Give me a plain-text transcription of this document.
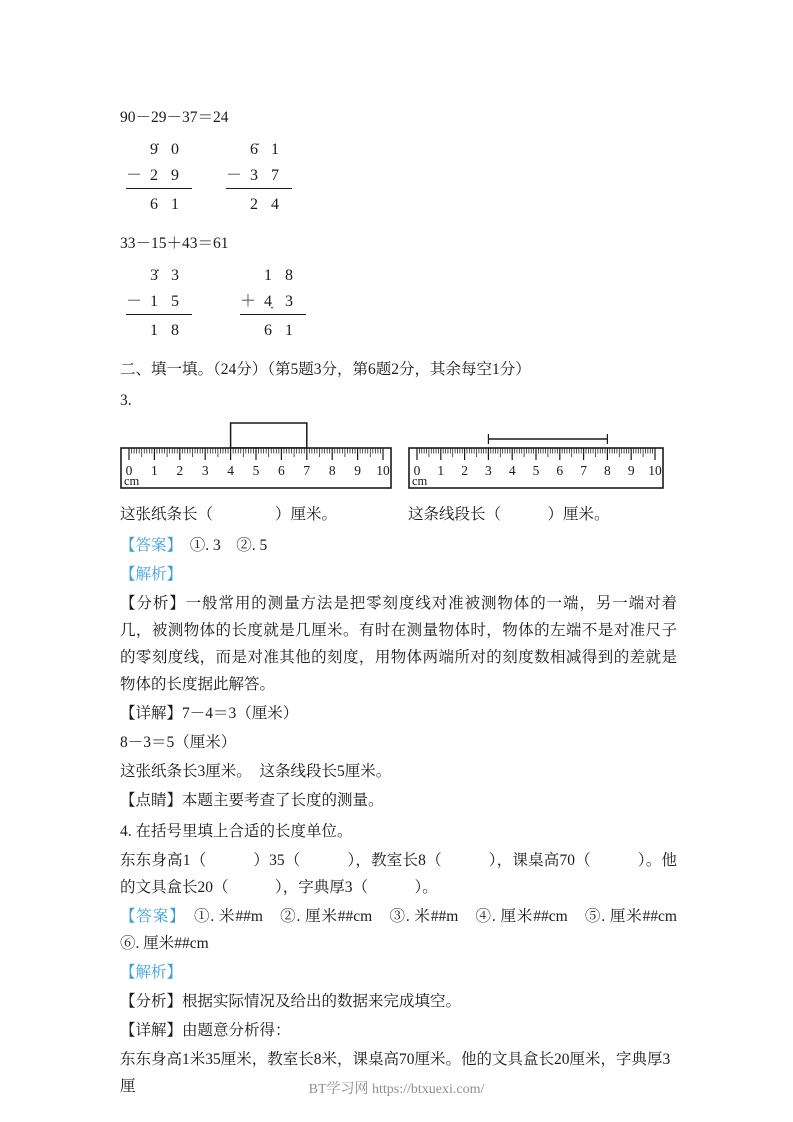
90－29－37＝24

9̇0
－ 29
61
6̇1
－ 37
24

33－15＋43＝61

3̇3
－ 15
18
18
＋ 4̣3
61

二、填一填。（24分）（第5题3分，第6题2分，其余每空1分）

3.

0 1 2 3 4 5 6 7 8 9 10
cm
0 1 2 3 4 5 6 7 8 9 10
cm
这张纸条长（　　　　）厘米。	这条线段长（　　　）厘米。

【答案】　①. 3　②. 5

【解析】

【分析】一般常用的测量方法是把零刻度线对准被测物体的一端，另一端对着几，被测物体的长度就是几厘米。有时在测量物体时，物体的左端不是对准尺子的零刻度线，而是对准其他的刻度，用物体两端所对的刻度数相减得到的差就是物体的长度据此解答。

【详解】7－4＝3（厘米）

8－3＝5（厘米）

这张纸条长3厘米。　这条线段长5厘米。

【点睛】本题主要考查了长度的测量。

4. 在括号里填上合适的长度单位。

东东身高1（　　　）35（　　　），教室长8（　　　），课桌高70（　　　）。他的文具盒长20（　　　），字典厚3（　　　）。

【答案】　①. 米##m　②. 厘米##cm　③. 米##m　④. 厘米##cm　⑤. 厘米##cm　⑥. 厘米##cm

【解析】

【分析】根据实际情况及给出的数据来完成填空。

【详解】由题意分析得：

东东身高1米35厘米，教室长8米，课桌高70厘米。他的文具盒长20厘米，字典厚3厘	BT学习网 https://btxuexi.com/
